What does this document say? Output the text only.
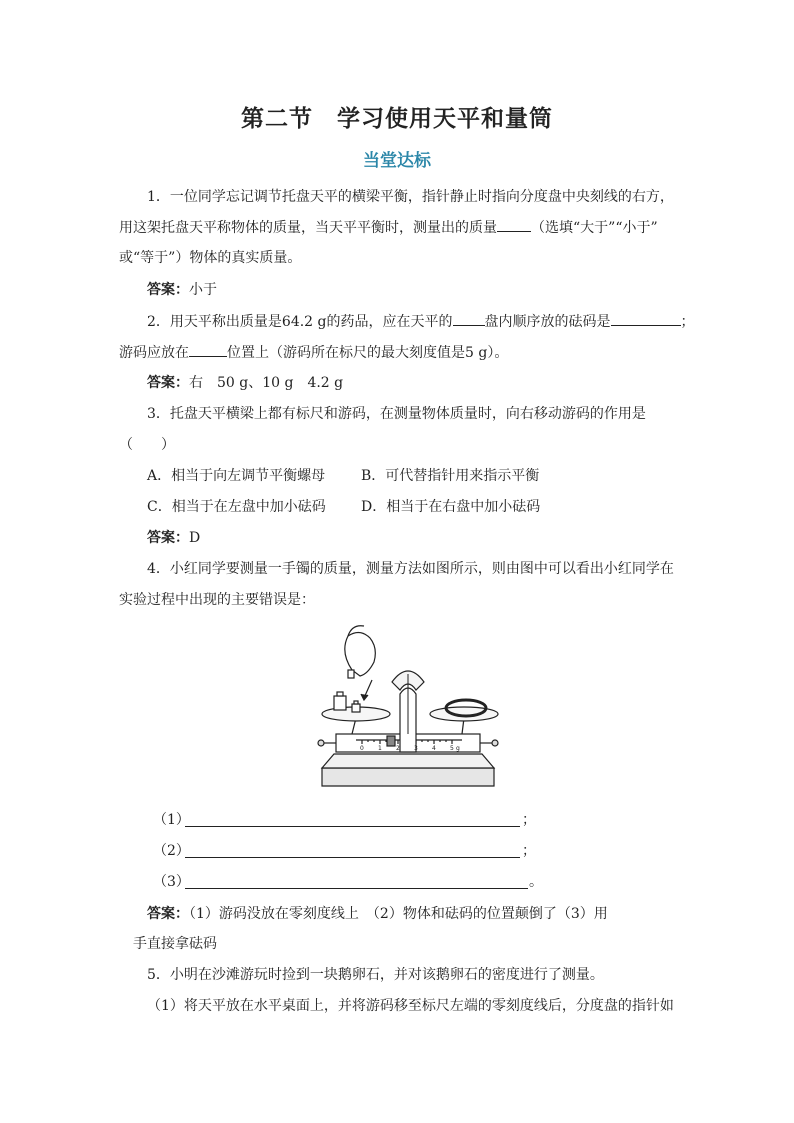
第二节　学习使用天平和量筒
当堂达标
1．一位同学忘记调节托盘天平的横梁平衡，指针静止时指向分度盘中央刻线的右方，
用这架托盘天平称物体的质量，当天平平衡时，测量出的质量 （选填“大于”“小于”
或“等于”）物体的真实质量。
答案：小于
2．用天平称出质量是64.2 g的药品，应在天平的 盘内顺序放的砝码是	；
游码应放在	位置上（游码所在标尺的最大刻度值是5 g）。
答案：右　50 g、10 g　4.2 g
3．托盘天平横梁上都有标尺和游码，在测量物体质量时，向右移动游码的作用是
（　　）
A．相当于向左调节平衡螺母	B．可代替指针用来指示平衡
C．相当于在左盘中加小砝码	D．相当于在右盘中加小砝码
答案：D
4．小红同学要测量一手镯的质量，测量方法如图所示，则由图中可以看出小红同学在
实验过程中出现的主要错误是：
0 1 2 3 4 5 g
（1）	；
（2）	；
（3）	。
答案：（1）游码没放在零刻度线上　（2）物体和砝码的位置颠倒了（3）用
手直接拿砝码
5．小明在沙滩游玩时捡到一块鹅卵石，并对该鹅卵石的密度进行了测量。
（1）将天平放在水平桌面上，并将游码移至标尺左端的零刻度线后，分度盘的指针如
